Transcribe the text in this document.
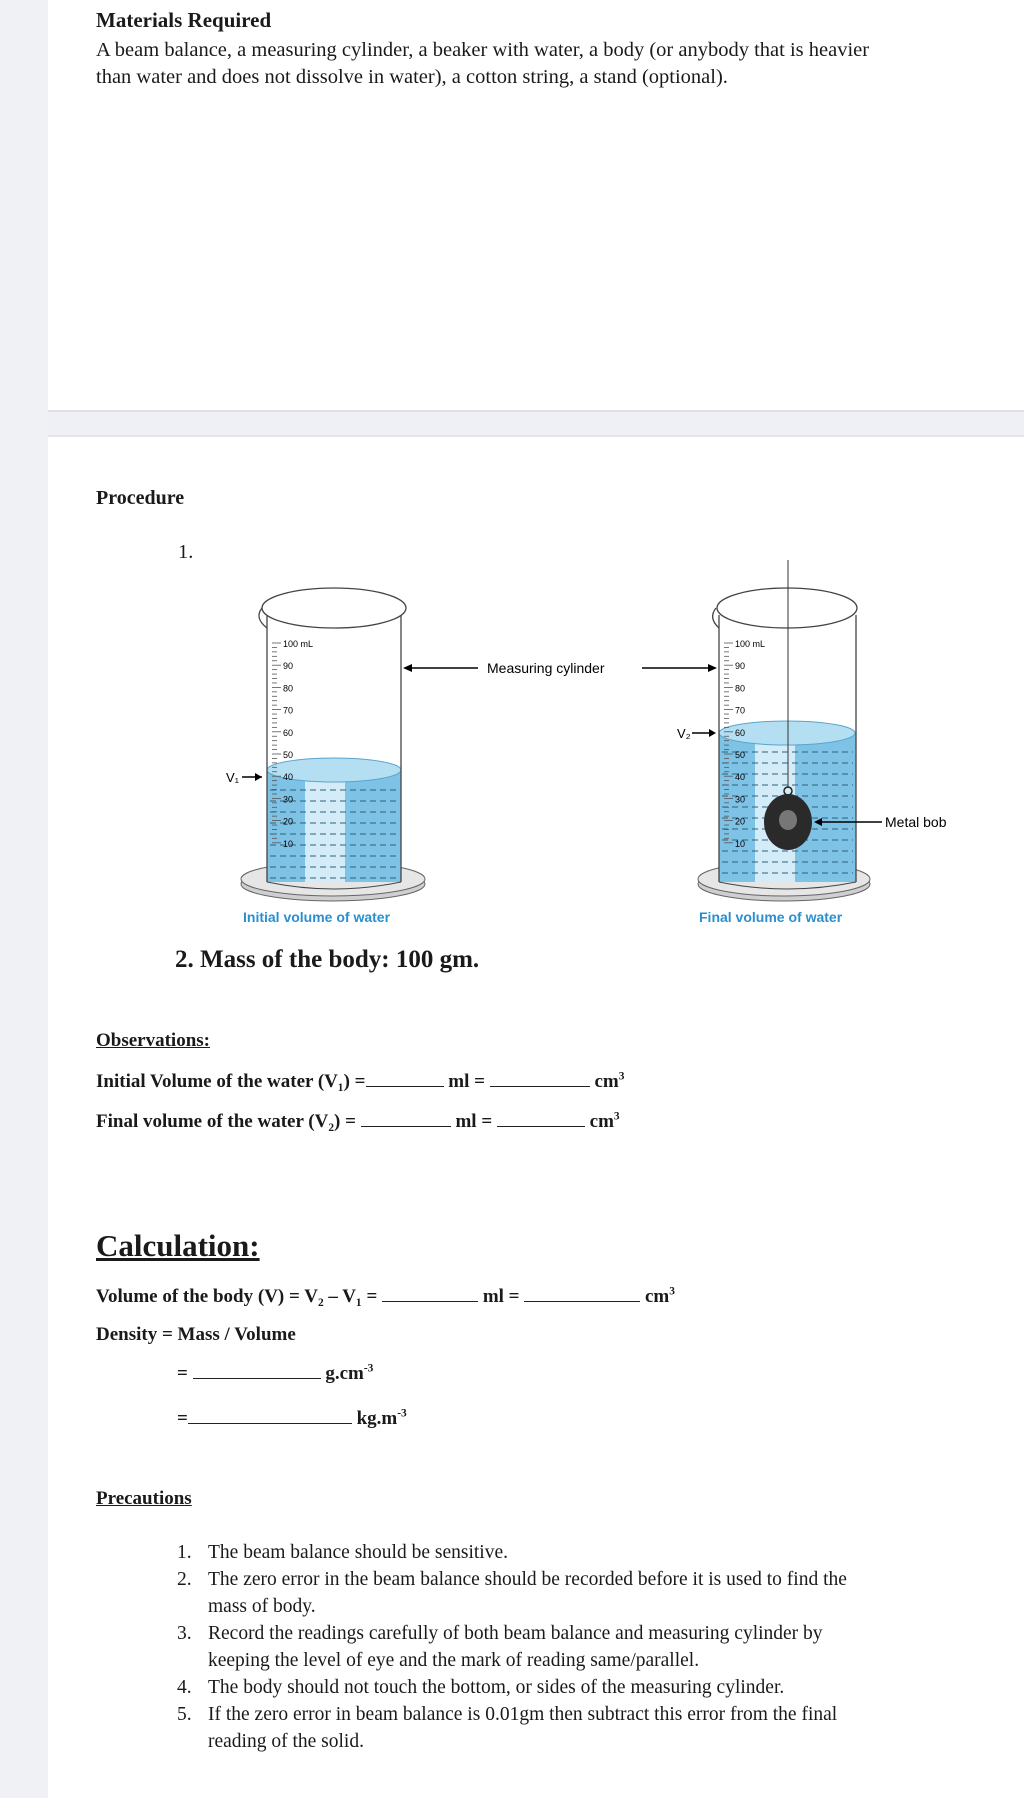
Materials Required
A beam balance, a measuring cylinder, a beaker with water, a body (or anybody that is heavier
than water and does not dissolve in water), a cotton string, a stand (optional).
Procedure
1.
100 mL
90
80
70
60
50
40
30
20
10
V₁
100 mL
90
80
70
60
50
40
30
20
10
V₂
Metal bob
Measuring cylinder
Initial volume of water	Final volume of water
2. Mass of the body: 100 gm.
Observations:
Initial Volume of the water (V₁) =	ml =	$cm^3$
Final volume of the water (V₂) =	ml =	$cm^3$
Calculation:
Volume of the body (V) = V₂ – V₁ =	ml =	$cm^3$
Density = Mass / Volume
=	$g.cm^{-3}$
=	$kg.m^{-3}$
Precautions
1. The beam balance should be sensitive.
2. The zero error in the beam balance should be recorded before it is used to find the
mass of body.
3. Record the readings carefully of both beam balance and measuring cylinder by
keeping the level of eye and the mark of reading same/parallel.
4. The body should not touch the bottom, or sides of the measuring cylinder.
5. If the zero error in beam balance is 0.01gm then subtract this error from the final
reading of the solid.
